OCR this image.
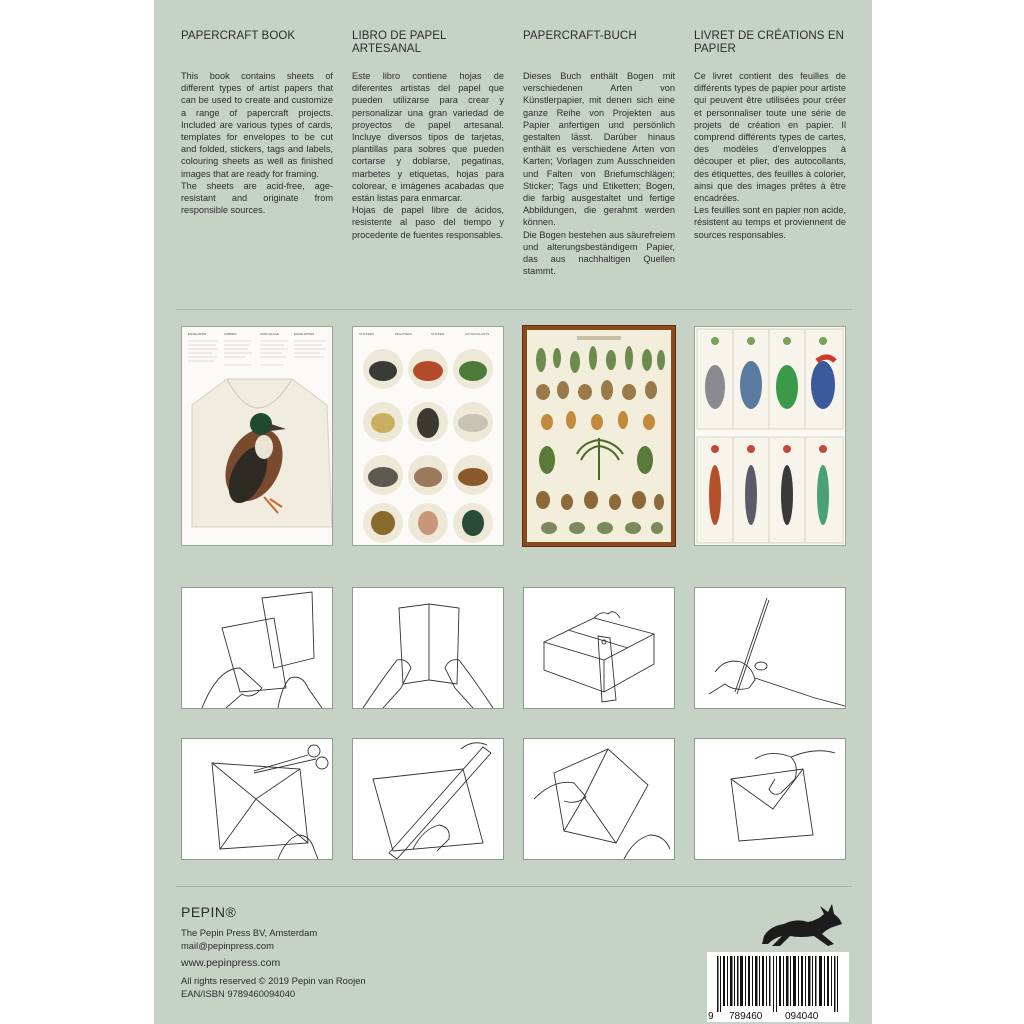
PAPERCRAFT BOOK

This book contains sheets of different types of artist papers that can be used to create and customize a range of papercraft projects. Included are various types of cards, templates for envelopes to be cut and folded, stickers, tags and labels, colouring sheets as well as finished images that are ready for framing.

The sheets are acid-free, age-resistant and originate from responsible sources.

LIBRO DE PAPEL ARTESANAL

Este libro contiene hojas de diferentes artistas del papel que pueden utilizarse para crear y personalizar una gran variedad de proyectos de papel artesanal. Incluye diversos tipos de tarjetas, plantillas para sobres que pueden cortarse y doblarse, pegatinas, marbetes y etiquetas, hojas para colorear, e imágenes acabadas que están listas para enmarcar.

Hojas de papel libre de ácidos, resistente al paso del tiempo y procedente de fuentes responsables.

PAPERCRAFT-BUCH

Dieses Buch enthält Bogen mit verschiedenen Arten von Künstlerpapier, mit denen sich eine ganze Reihe von Projekten aus Papier anfertigen und persönlich gestalten lässt. Darüber hinaus enthält es verschiedene Arten von Karten; Vorlagen zum Ausschneiden und Falten von Briefumschlägen; Sticker; Tags und Etiketten; Bogen, die farbig ausgestaltet und fertige Abbildungen, die gerahmt werden können.

Die Bogen bestehen aus säurefreiem und alterungsbeständigem Papier, das aus nachhaltigen Quellen stammt.

LIVRET DE CRÉATIONS EN PAPIER

Ce livret contient des feuilles de différents types de papier pour artiste qui peuvent être utilisées pour créer et personnaliser toute une série de projets de création en papier. Il comprend différents types de cartes, des modèles d'enveloppes à découper et plier, des autocollants, des étiquettes, des feuilles à colorier, ainsi que des images prêtes à être encadrées.

Les feuilles sont en papier non acide, résistent au temps et proviennent de sources responsables.

ENVELOPPE	SOBRES	UMSCHLÄGE	ENVELOPPES	STICKERS	PEGATINAS	STICKER	AUTOCOLLANTS
PEPIN®
The Pepin Press BV, Amsterdam
mail@pepinpress.com
www.pepinpress.com
All rights reserved © 2019 Pepin van Roojen
EAN/ISBN 9789460094040
9 789460 094040
